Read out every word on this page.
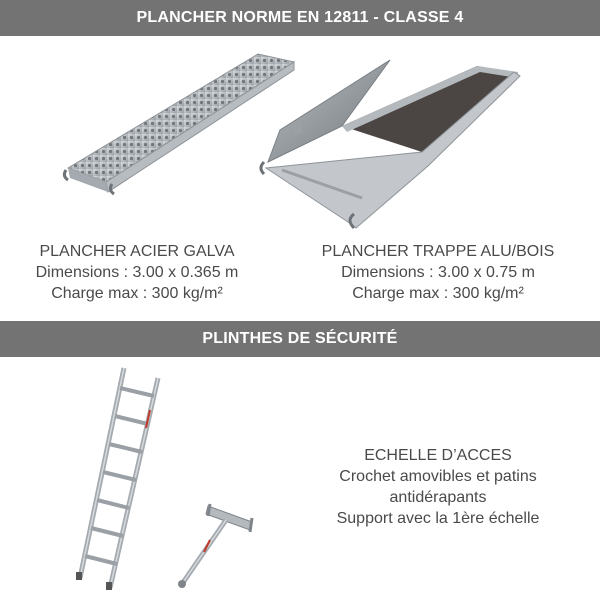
PLANCHER NORME EN 12811 - CLASSE 4
PLANCHER ACIER GALVA
Dimensions : 3.00 x 0.365 m
Charge max : 300 kg/m²
PLANCHER TRAPPE ALU/BOIS
Dimensions : 3.00 x 0.75 m
Charge max : 300 kg/m²
PLINTHES DE SÉCURITÉ
ECHELLE D’ACCES
Crochet amovibles et patins
antidérapants
Support avec la 1ère échelle
